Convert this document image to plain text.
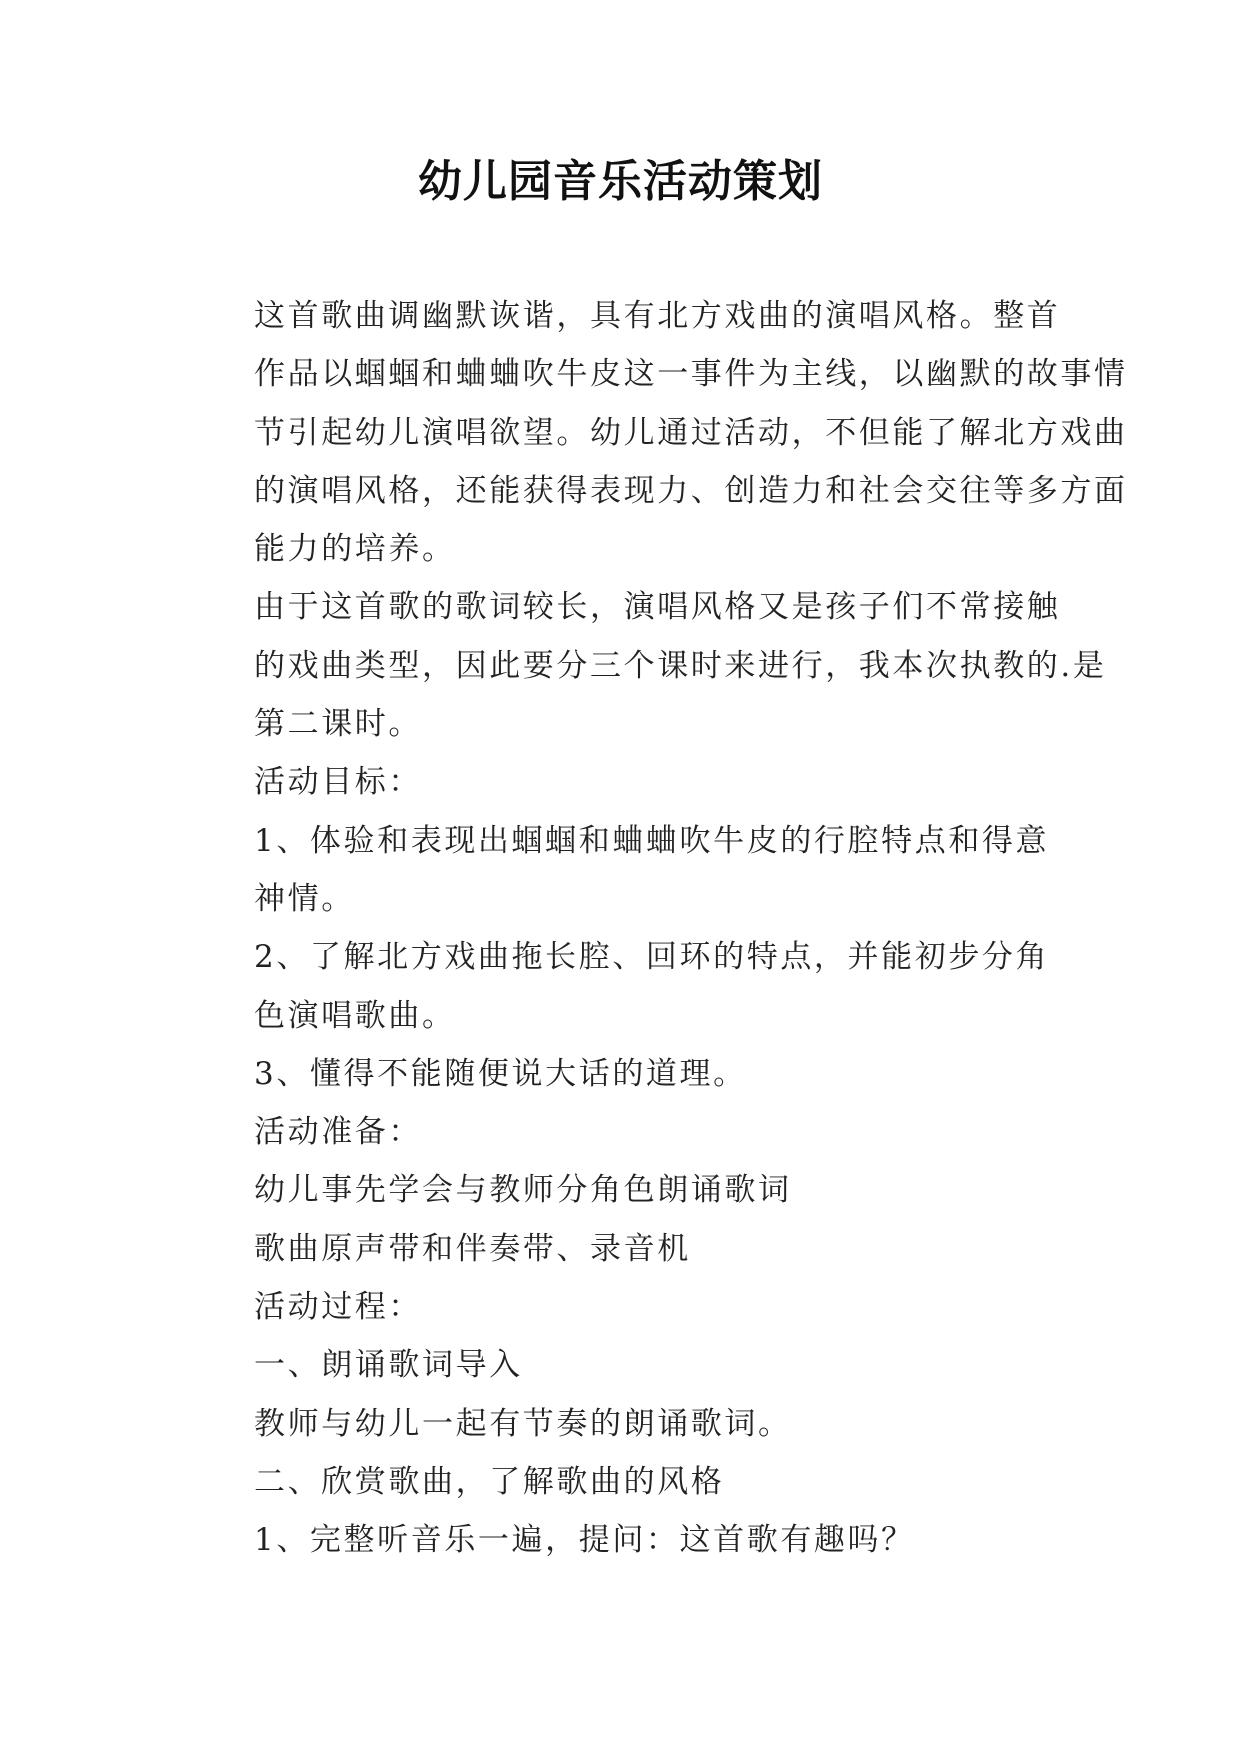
幼儿园音乐活动策划

这首歌曲调幽默诙谐，具有北方戏曲的演唱风格。整首
作品以蝈蝈和蛐蛐吹牛皮这一事件为主线，以幽默的故事情
节引起幼儿演唱欲望。幼儿通过活动，不但能了解北方戏曲
的演唱风格，还能获得表现力、创造力和社会交往等多方面
能力的培养。

由于这首歌的歌词较长，演唱风格又是孩子们不常接触
的戏曲类型，因此要分三个课时来进行，我本次执教的.是
第二课时。

活动目标：

1、体验和表现出蝈蝈和蛐蛐吹牛皮的行腔特点和得意
神情。

2、了解北方戏曲拖长腔、回环的特点，并能初步分角
色演唱歌曲。

3、懂得不能随便说大话的道理。

活动准备：

幼儿事先学会与教师分角色朗诵歌词

歌曲原声带和伴奏带、录音机

活动过程：

一、朗诵歌词导入

教师与幼儿一起有节奏的朗诵歌词。

二、欣赏歌曲，了解歌曲的风格

1、完整听音乐一遍，提问：这首歌有趣吗？
